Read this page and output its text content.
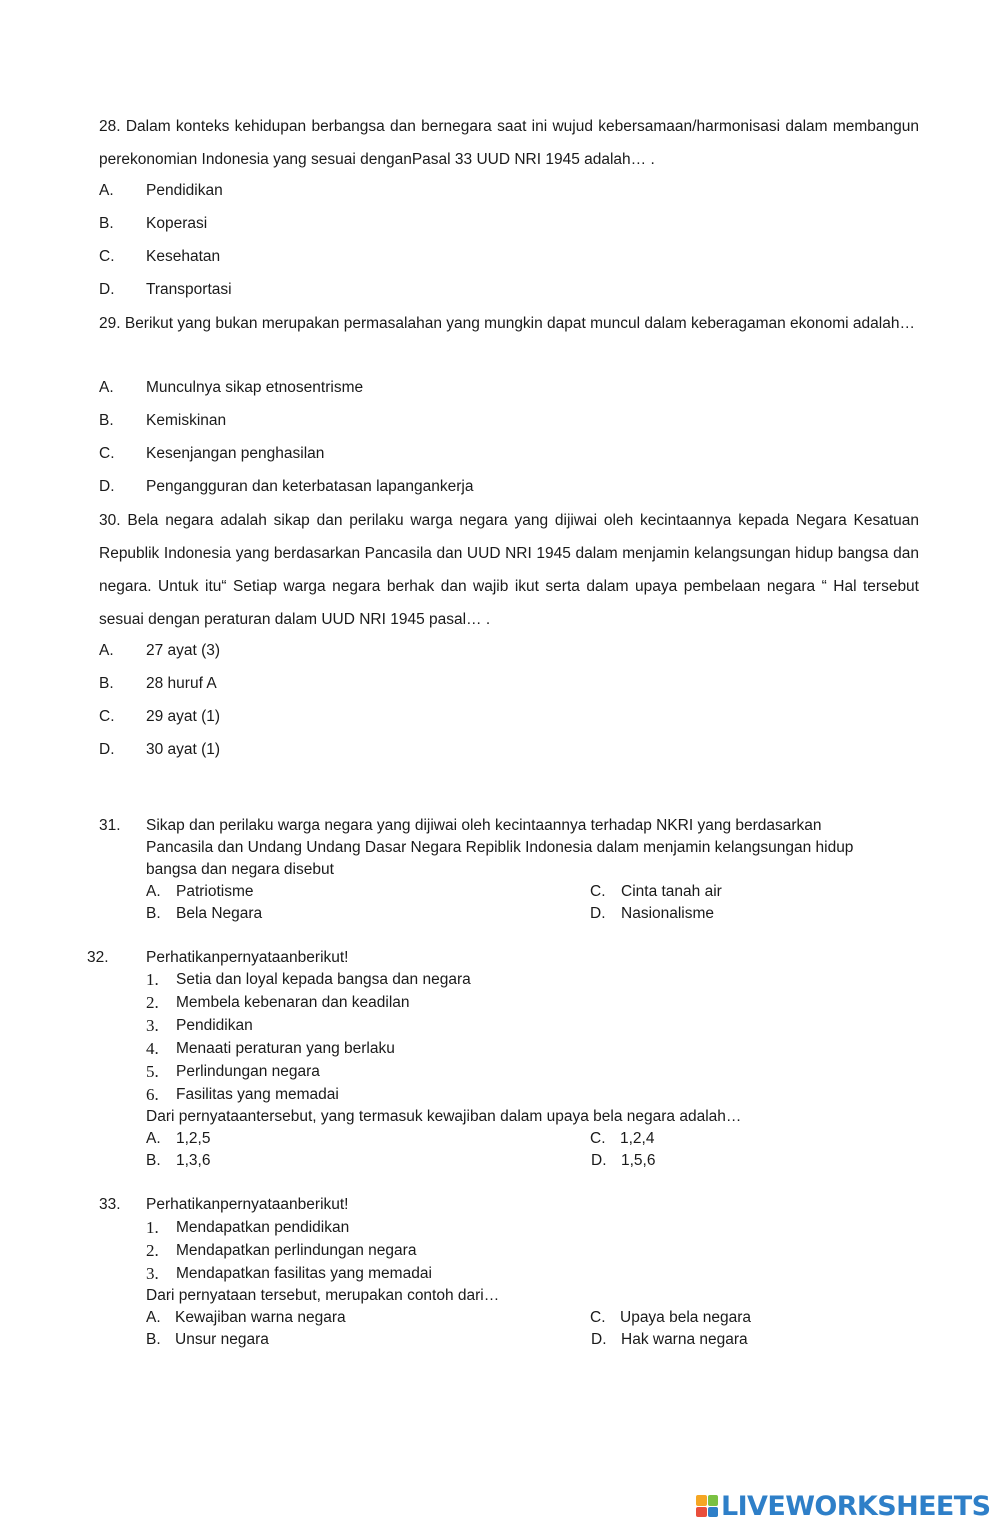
28. Dalam konteks kehidupan berbangsa dan bernegara saat ini wujud kebersamaan/harmonisasi dalam membangun perekonomian Indonesia yang sesuai denganPasal 33 UUD NRI 1945 adalah… .
A. Pendidikan
B. Koperasi
C. Kesehatan
D. Transportasi
29. Berikut yang bukan merupakan permasalahan yang mungkin dapat muncul dalam keberagaman ekonomi adalah…
A. Munculnya sikap etnosentrisme
B. Kemiskinan
C. Kesenjangan penghasilan
D. Pengangguran dan keterbatasan lapangankerja
30. Bela negara adalah sikap dan perilaku warga negara yang dijiwai oleh kecintaannya kepada Negara Kesatuan Republik Indonesia yang berdasarkan Pancasila dan UUD NRI 1945 dalam menjamin kelangsungan hidup bangsa dan negara. Untuk itu“ Setiap warga negara berhak dan wajib ikut serta dalam upaya pembelaan negara “ Hal tersebut sesuai dengan peraturan dalam UUD NRI 1945 pasal… .
A. 27 ayat (3)
B. 28 huruf A
C. 29 ayat (1)
D. 30 ayat (1)
31. Sikap dan perilaku warga negara yang dijiwai oleh kecintaannya terhadap NKRI yang berdasarkan
Pancasila dan Undang Undang Dasar Negara Repiblik Indonesia dalam menjamin kelangsungan hidup
bangsa dan negara disebut
A. Patriotisme	C. Cinta tanah air
B. Bela Negara	D. Nasionalisme
32. Perhatikanpernyataanberikut!
1. Setia dan loyal kepada bangsa dan negara
2. Membela kebenaran dan keadilan
3. Pendidikan
4. Menaati peraturan yang berlaku
5. Perlindungan negara
6. Fasilitas yang memadai
Dari pernyataantersebut, yang termasuk kewajiban dalam upaya bela negara adalah…
A. 1,2,5	C. 1,2,4
B. 1,3,6	D. 1,5,6
33. Perhatikanpernyataanberikut!
1. Mendapatkan pendidikan
2. Mendapatkan perlindungan negara
3. Mendapatkan fasilitas yang memadai
Dari pernyataan tersebut, merupakan contoh dari…
A. Kewajiban warna negara	C. Upaya bela negara
B. Unsur negara	D. Hak warna negara
LIVEWORKSHEETS
